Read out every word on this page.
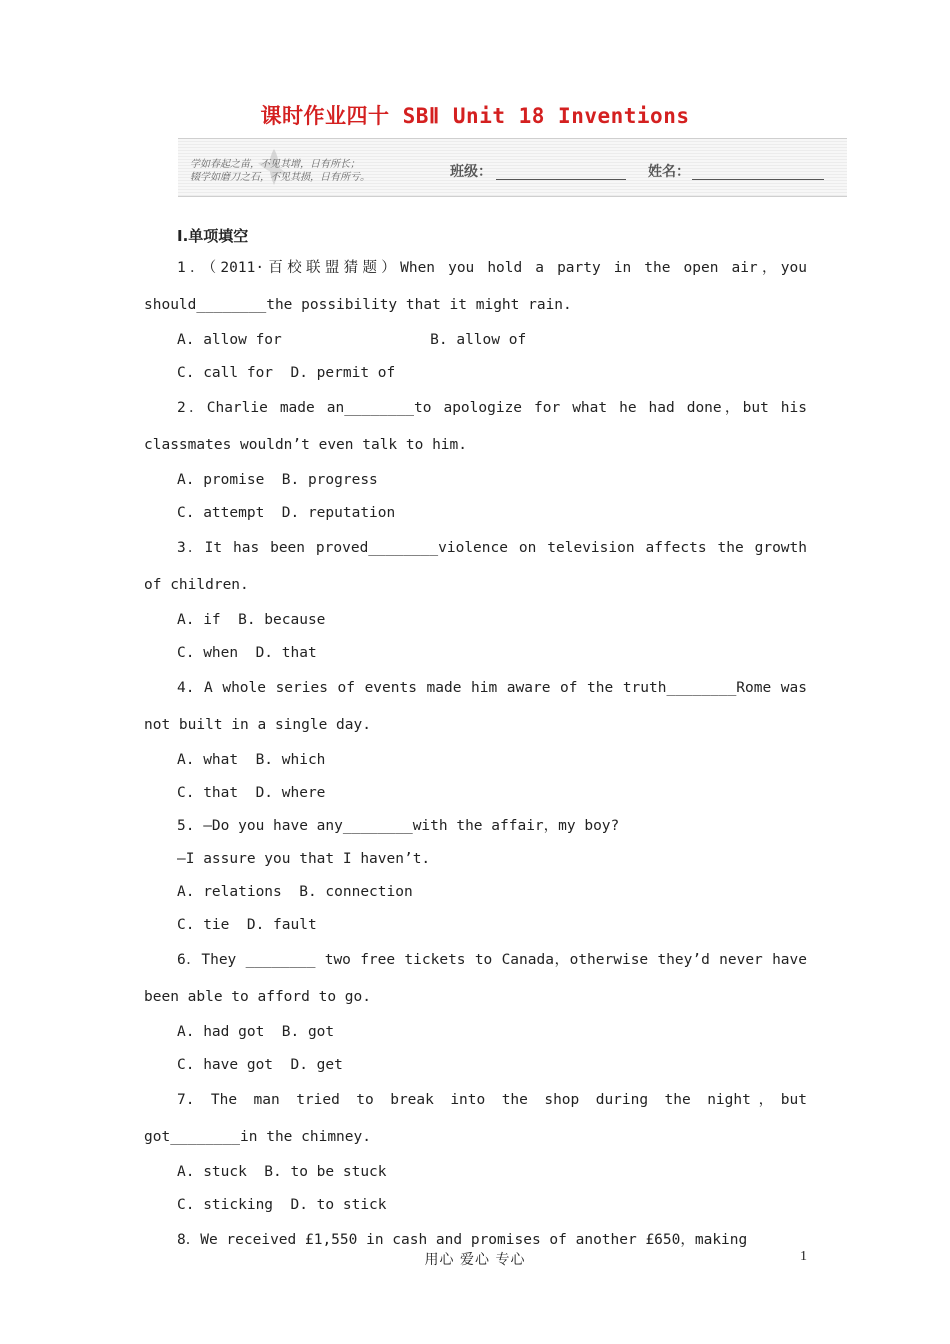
课时作业四十 SBⅡ Unit 18 Inventions
学如春起之苗，不见其增，日有所长；
辍学如磨刀之石，不见其损，日有所亏。	班级：	姓名：
Ⅰ.单项填空

1．（2011·百校联盟猜题）When you hold a party in the open air，you should________the possibility that it might rain.

A. allow for                 B. allow of
C. call for  D. permit of

2．Charlie made an________to apologize for what he had done，but his classmates wouldn’t even talk to him.

A. promise  B. progress
C. attempt  D. reputation

3．It has been proved________violence on television affects the growth of children.

A. if  B. because
C. when  D. that

4. A whole series of events made him aware of the truth________Rome was not built in a single day.

A. what  B. which
C. that  D. where

5. —Do you have any________with the affair，my boy?

—I assure you that I haven’t.
A. relations  B. connection
C. tie  D. fault

6．They ________ two free tickets to Canada，otherwise they’d never have been able to afford to go.

A. had got  B. got
C. have got  D. get

7. The man tried to break into the shop during the night，but got________in the chimney.

A. stuck  B. to be stuck
C. sticking  D. to stick

8．We received £1,550 in cash and promises of another £650，making

用心 爱心 专心	1
